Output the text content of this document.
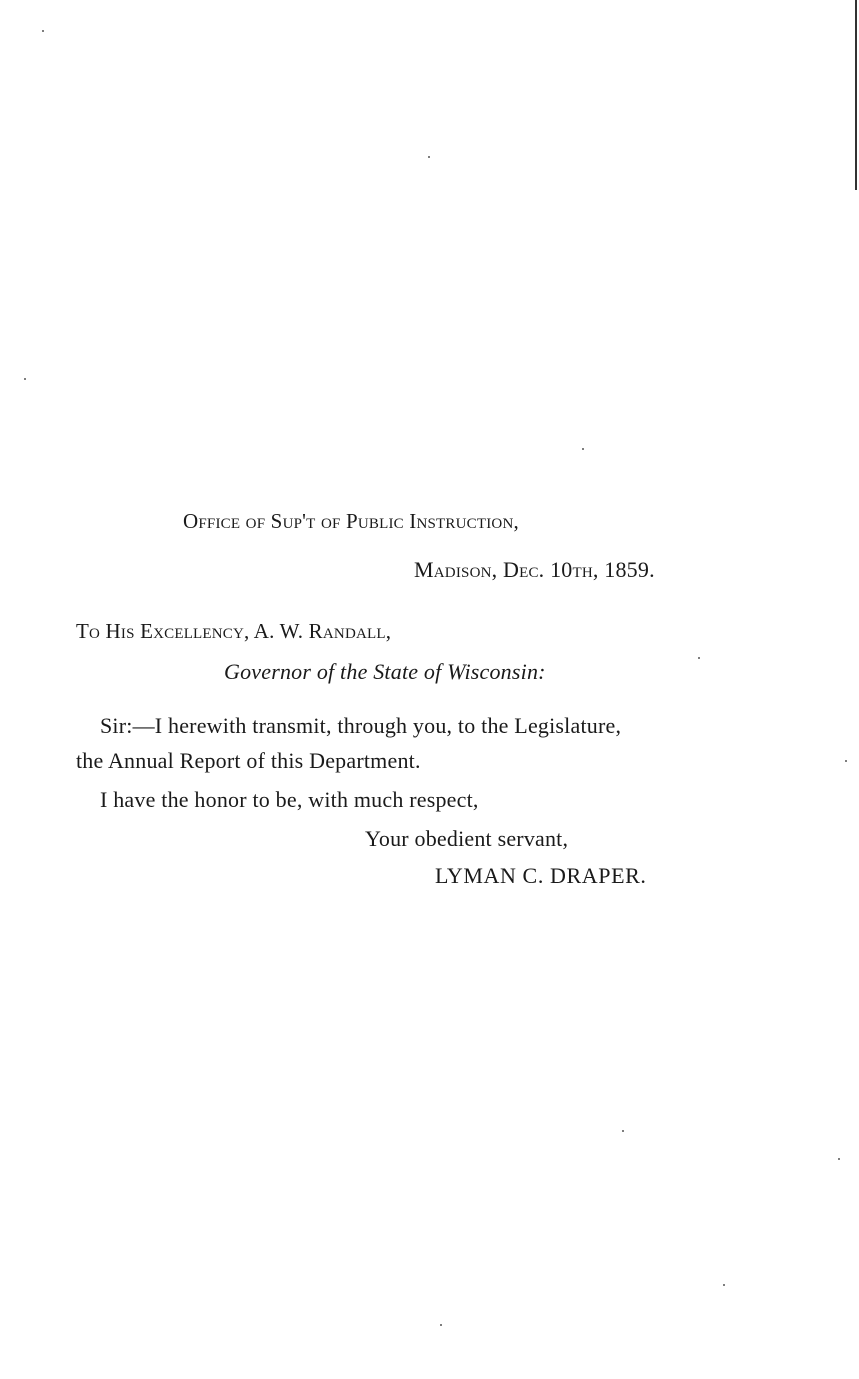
Office of Sup't of Public Instruction,
Madison, Dec. 10th, 1859.
To His Excellency, A. W. Randall,
Governor of the State of Wisconsin:
Sir:—I herewith transmit, through you, to the Legislature,
the Annual Report of this Department.
I have the honor to be, with much respect,
Your obedient servant,
LYMAN C. DRAPER.
